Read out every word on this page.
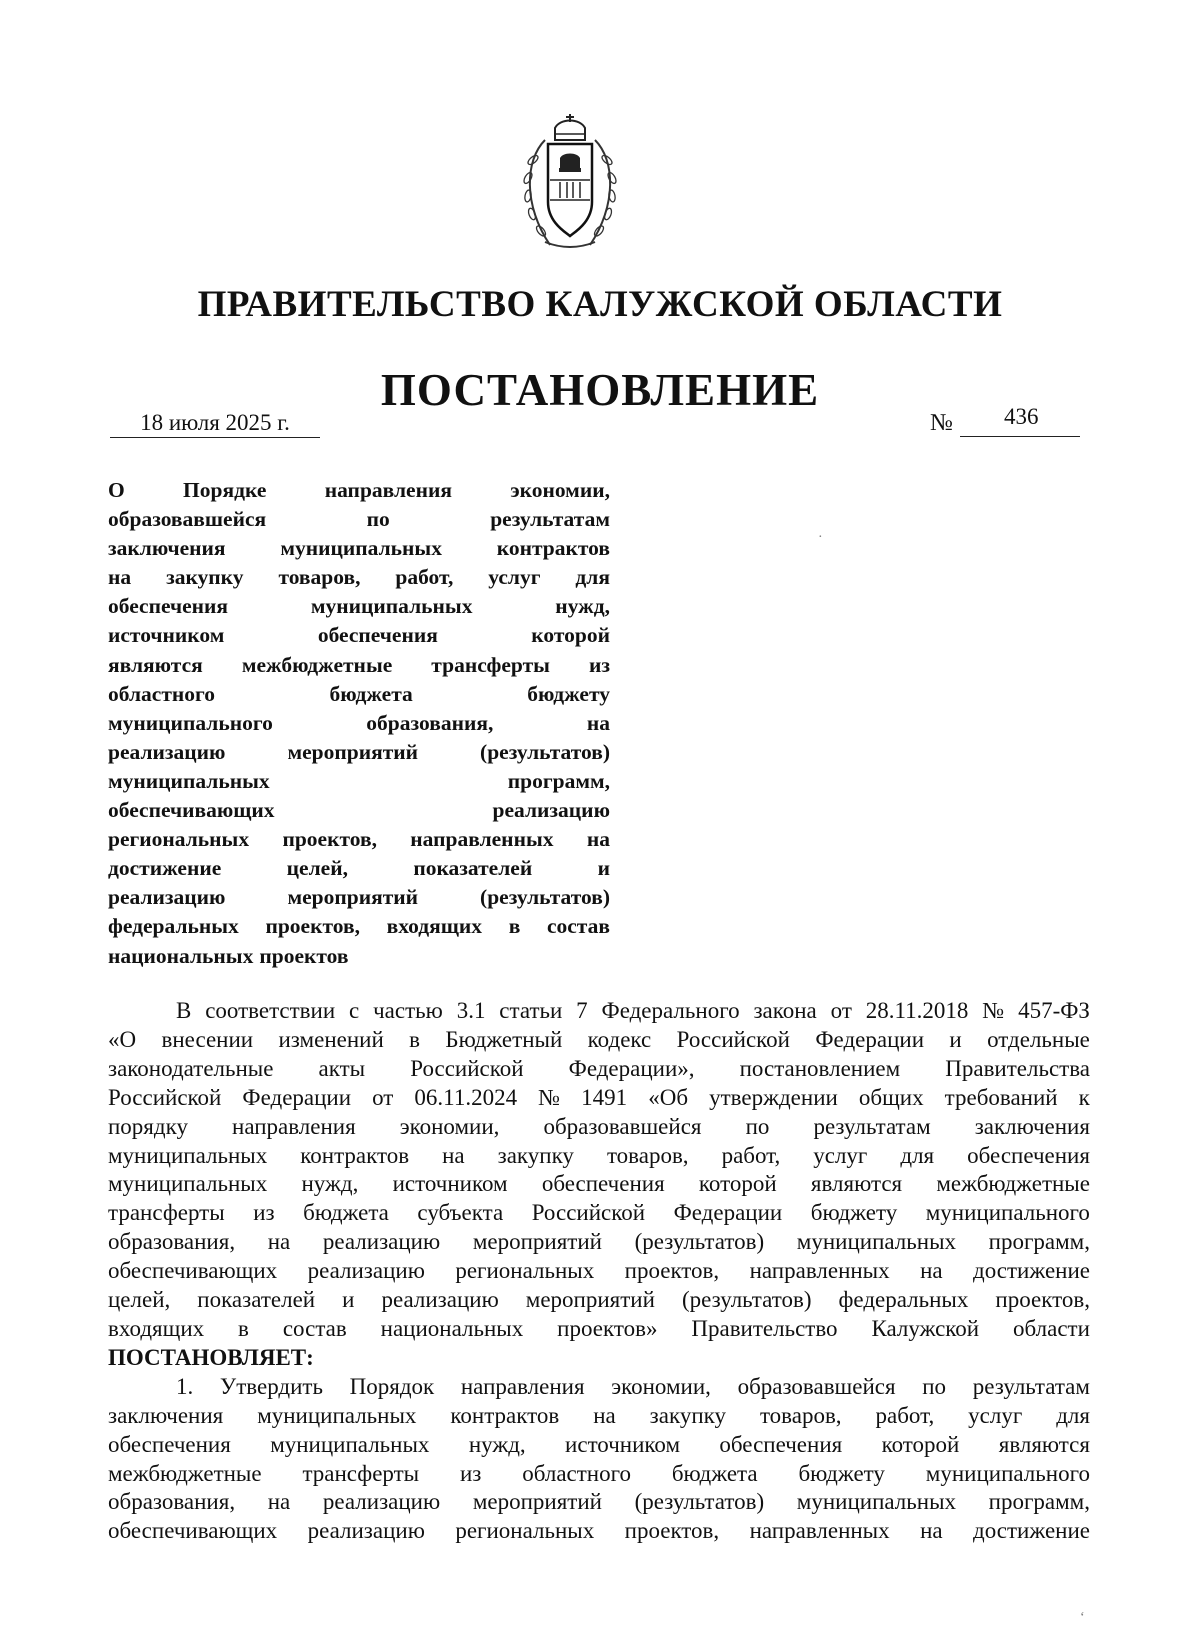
ПРАВИТЕЛЬСТВО КАЛУЖСКОЙ ОБЛАСТИ
ПОСТАНОВЛЕНИЕ
18 июля 2025 г.	№	436
О	Порядке	направления	экономии,
образовавшейся	по	результатам
заключения	муниципальных	контрактов
на закупку товаров, работ, услуг для
обеспечения	муниципальных	нужд,
источником	обеспечения	которой
являются межбюджетные трансферты из
областного	бюджета	бюджету
муниципального	образования,	на
реализацию	мероприятий	(результатов)
муниципальных	программ,
обеспечивающих	реализацию
региональных проектов, направленных на
достижение	целей,	показателей	и
реализацию	мероприятий	(результатов)
федеральных проектов, входящих в состав
национальных проектов
В соответствии с частью 3.1 статьи 7 Федерального закона от 28.11.2018 № 457-ФЗ
«О внесении изменений в Бюджетный кодекс Российской Федерации и отдельные
законодательные акты Российской Федерации», постановлением Правительства
Российской Федерации от 06.11.2024 № 1491 «Об утверждении общих требований к
порядку направления экономии, образовавшейся по результатам заключения
муниципальных контрактов на закупку товаров, работ, услуг для обеспечения
муниципальных нужд, источником обеспечения которой являются межбюджетные
трансферты из бюджета субъекта Российской Федерации бюджету муниципального
образования, на реализацию мероприятий (результатов) муниципальных программ,
обеспечивающих реализацию региональных проектов, направленных на достижение
целей, показателей и реализацию мероприятий (результатов) федеральных проектов,
входящих в состав национальных проектов» Правительство Калужской области
ПОСТАНОВЛЯЕТ:
1. Утвердить Порядок направления экономии, образовавшейся по результатам
заключения муниципальных контрактов на закупку товаров, работ, услуг для
обеспечения муниципальных нужд, источником обеспечения которой являются
межбюджетные трансферты из областного бюджета бюджету муниципального
образования, на реализацию мероприятий (результатов) муниципальных программ,
обеспечивающих реализацию региональных проектов, направленных на достижение
·
ʻ
